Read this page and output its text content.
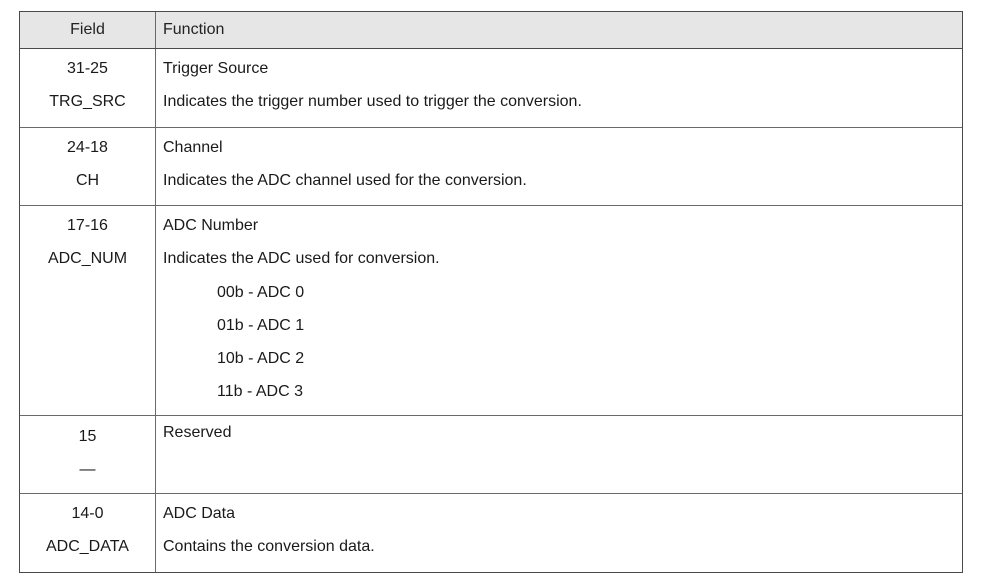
Field	Function
31-25
TRG_SRC
Trigger Source
Indicates the trigger number used to trigger the conversion.
24-18
CH
Channel
Indicates the ADC channel used for the conversion.
17-16
ADC_NUM
ADC Number
Indicates the ADC used for conversion.
00b - ADC 0
01b - ADC 1
10b - ADC 2
11b - ADC 3
15
—
Reserved
14-0
ADC_DATA
ADC Data
Contains the conversion data.
